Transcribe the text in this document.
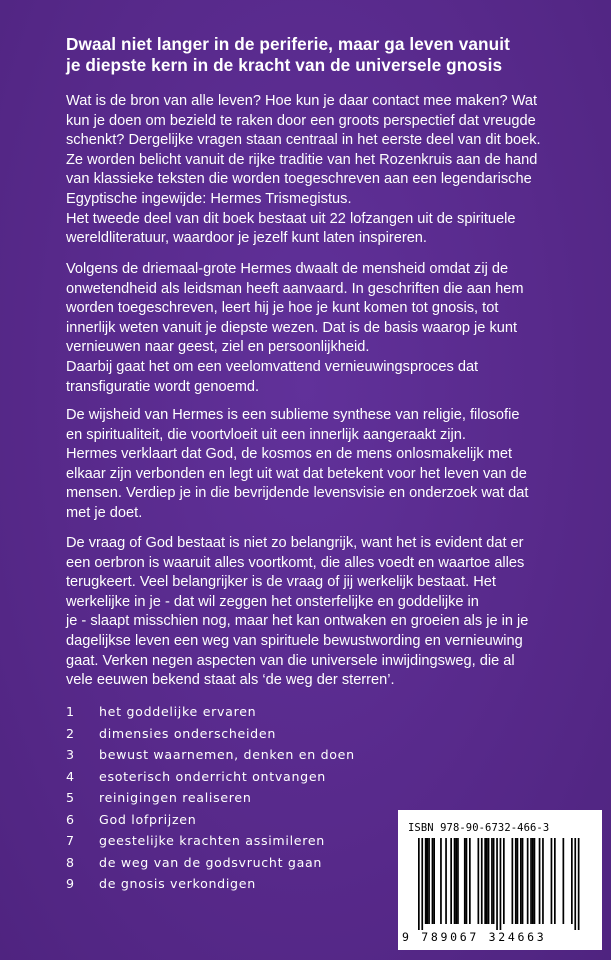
Dwaal niet langer in de periferie, maar ga leven vanuit
je diepste kern in de kracht van de universele gnosis
Wat is de bron van alle leven? Hoe kun je daar contact mee maken? Wat
kun je doen om bezield te raken door een groots perspectief dat vreugde
schenkt? Dergelijke vragen staan centraal in het eerste deel van dit boek.
Ze worden belicht vanuit de rijke traditie van het Rozenkruis aan de hand
van klassieke teksten die worden toegeschreven aan een legendarische
Egyptische ingewijde: Hermes Trismegistus.
Het tweede deel van dit boek bestaat uit 22 lofzangen uit de spirituele
wereldliteratuur, waardoor je jezelf kunt laten inspireren.
Volgens de driemaal-grote Hermes dwaalt de mensheid omdat zij de
onwetendheid als leidsman heeft aanvaard. In geschriften die aan hem
worden toegeschreven, leert hij je hoe je kunt komen tot gnosis, tot
innerlijk weten vanuit je diepste wezen. Dat is de basis waarop je kunt
vernieuwen naar geest, ziel en persoonlijkheid.
Daarbij gaat het om een veelomvattend vernieuwingsproces dat
transfiguratie wordt genoemd.
De wijsheid van Hermes is een sublieme synthese van religie, filosofie
en spiritualiteit, die voortvloeit uit een innerlijk aangeraakt zijn.
Hermes verklaart dat God, de kosmos en de mens onlosmakelijk met
elkaar zijn verbonden en legt uit wat dat betekent voor het leven van de
mensen. Verdiep je in die bevrijdende levensvisie en onderzoek wat dat
met je doet.
De vraag of God bestaat is niet zo belangrijk, want het is evident dat er
een oerbron is waaruit alles voortkomt, die alles voedt en waartoe alles
terugkeert. Veel belangrijker is de vraag of jij werkelijk bestaat. Het
werkelijke in je - dat wil zeggen het onsterfelijke en goddelijke in
je - slaapt misschien nog, maar het kan ontwaken en groeien als je in je
dagelijkse leven een weg van spirituele bewustwording en vernieuwing
gaat. Verken negen aspecten van die universele inwijdingsweg, die al
vele eeuwen bekend staat als ‘de weg der sterren’.
1	het goddelijke ervaren
2	dimensies onderscheiden
3	bewust waarnemen, denken en doen
4	esoterisch onderricht ontvangen
5	reinigingen realiseren
6	God lofprijzen
7	geestelijke krachten assimileren
8	de weg van de godsvrucht gaan
9	de gnosis verkondigen
ISBN 978-90-6732-466-3
9 789067 324663
